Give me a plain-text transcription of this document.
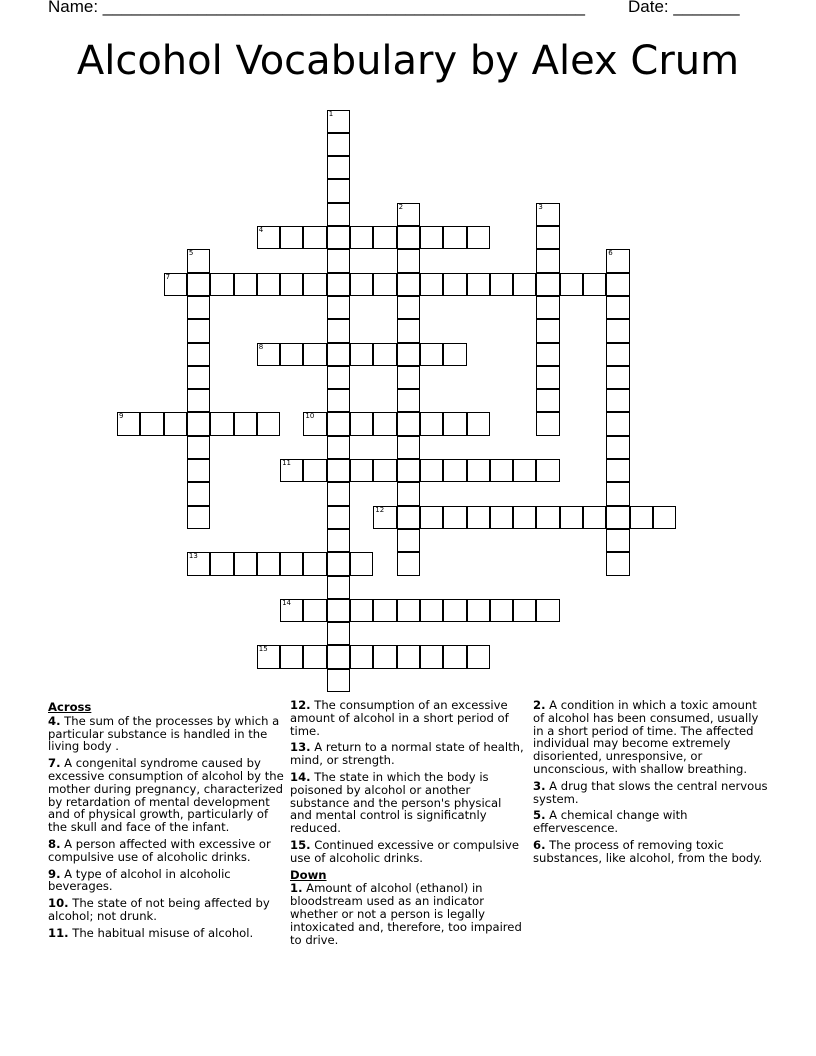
Name: ___________________________________________________	Date: _______
Alcohol Vocabulary by Alex Crum
1
2	3
4
5	6
7
8
9	10
11
12
13
14
15
Across
4. The sum of the processes by which a particular substance is handled in the living body .
7. A congenital syndrome caused by excessive consumption of alcohol by the mother during pregnancy, characterized by retardation of mental development and of physical growth, particularly of the skull and face of the infant.
8. A person affected with excessive or compulsive use of alcoholic drinks.
9. A type of alcohol in alcoholic beverages.
10. The state of not being affected by alcohol; not drunk.
11. The habitual misuse of alcohol.
12. The consumption of an excessive amount of alcohol in a short period of time.
13. A return to a normal state of health, mind, or strength.
14. The state in which the body is poisoned by alcohol or another substance and the person's physical and mental control is significatnly reduced.
15. Continued excessive or compulsive use of alcoholic drinks.
Down
1. Amount of alcohol (ethanol) in bloodstream used as an indicator whether or not a person is legally intoxicated and, therefore, too impaired to drive.
2. A condition in which a toxic amount of alcohol has been consumed, usually in a short period of time. The affected individual may become extremely disoriented, unresponsive, or unconscious, with shallow breathing.
3. A drug that slows the central nervous system.
5. A chemical change with effervescence.
6. The process of removing toxic substances, like alcohol, from the body.
